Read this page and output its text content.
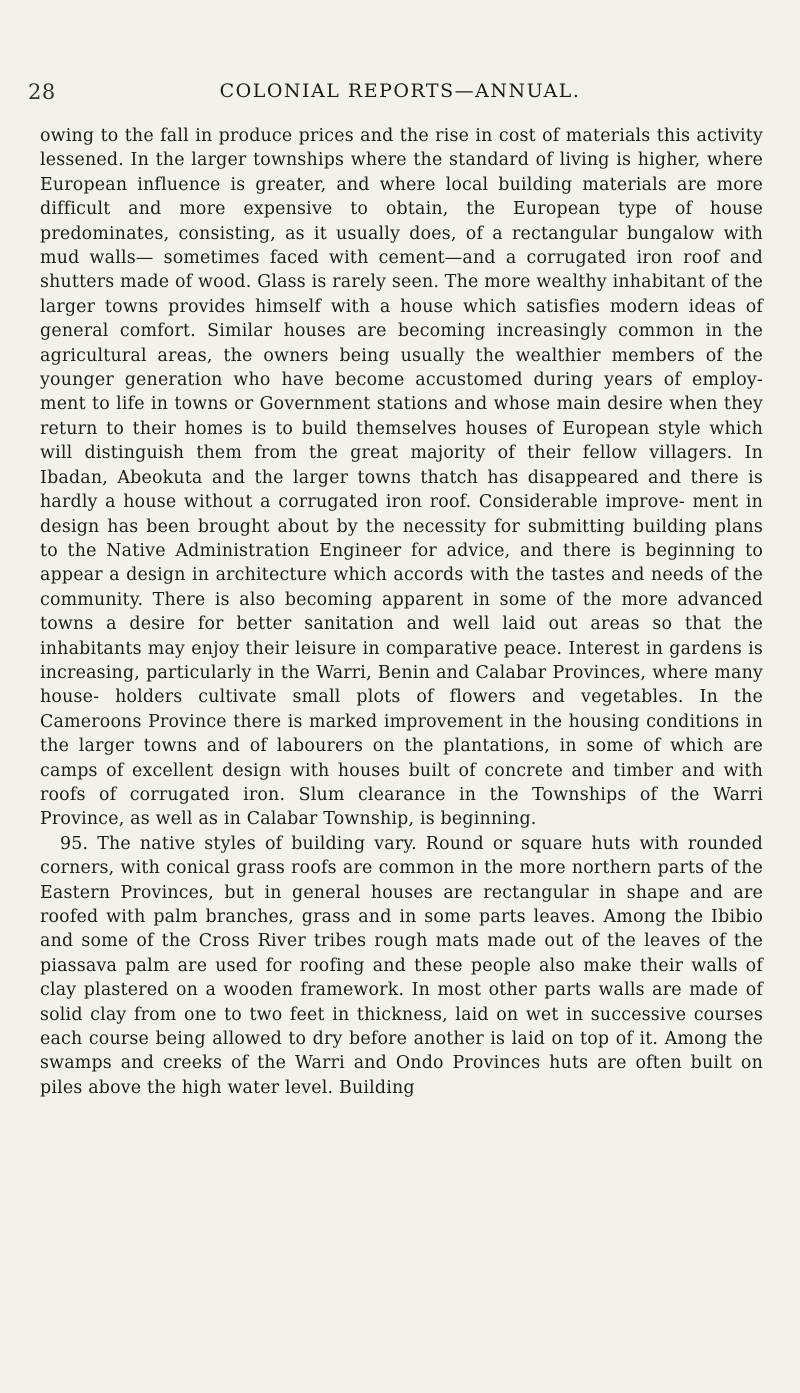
28	COLONIAL REPORTS—ANNUAL.

owing to the fall in produce prices and the rise in cost of materials this activity lessened. In the larger townships where the standard of living is higher, where European influence is greater, and where local building materials are more difficult and more expensive to obtain, the European type of house predominates, consisting, as it usually does, of a rectangular bungalow with mud walls— sometimes faced with cement—and a corrugated iron roof and shutters made of wood. Glass is rarely seen. The more wealthy inhabitant of the larger towns provides himself with a house which satisfies modern ideas of general comfort. Similar houses are becoming increasingly common in the agricultural areas, the owners being usually the wealthier members of the younger generation who have become accustomed during years of employ- ment to life in towns or Government stations and whose main desire when they return to their homes is to build themselves houses of European style which will distinguish them from the great majority of their fellow villagers. In Ibadan, Abeokuta and the larger towns thatch has disappeared and there is hardly a house without a corrugated iron roof. Considerable improve- ment in design has been brought about by the necessity for submitting building plans to the Native Administration Engineer for advice, and there is beginning to appear a design in architecture which accords with the tastes and needs of the community. There is also becoming apparent in some of the more advanced towns a desire for better sanitation and well laid out areas so that the inhabitants may enjoy their leisure in comparative peace. Interest in gardens is increasing, particularly in the Warri, Benin and Calabar Provinces, where many house- holders cultivate small plots of flowers and vegetables. In the Cameroons Province there is marked improvement in the housing conditions in the larger towns and of labourers on the plantations, in some of which are camps of excellent design with houses built of concrete and timber and with roofs of corrugated iron. Slum clearance in the Townships of the Warri Province, as well as in Calabar Township, is beginning.

95. The native styles of building vary. Round or square huts with rounded corners, with conical grass roofs are common in the more northern parts of the Eastern Provinces, but in general houses are rectangular in shape and are roofed with palm branches, grass and in some parts leaves. Among the Ibibio and some of the Cross River tribes rough mats made out of the leaves of the piassava palm are used for roofing and these people also make their walls of clay plastered on a wooden framework. In most other parts walls are made of solid clay from one to two feet in thickness, laid on wet in successive courses each course being allowed to dry before another is laid on top of it. Among the swamps and creeks of the Warri and Ondo Provinces huts are often built on piles above the high water level. Building
